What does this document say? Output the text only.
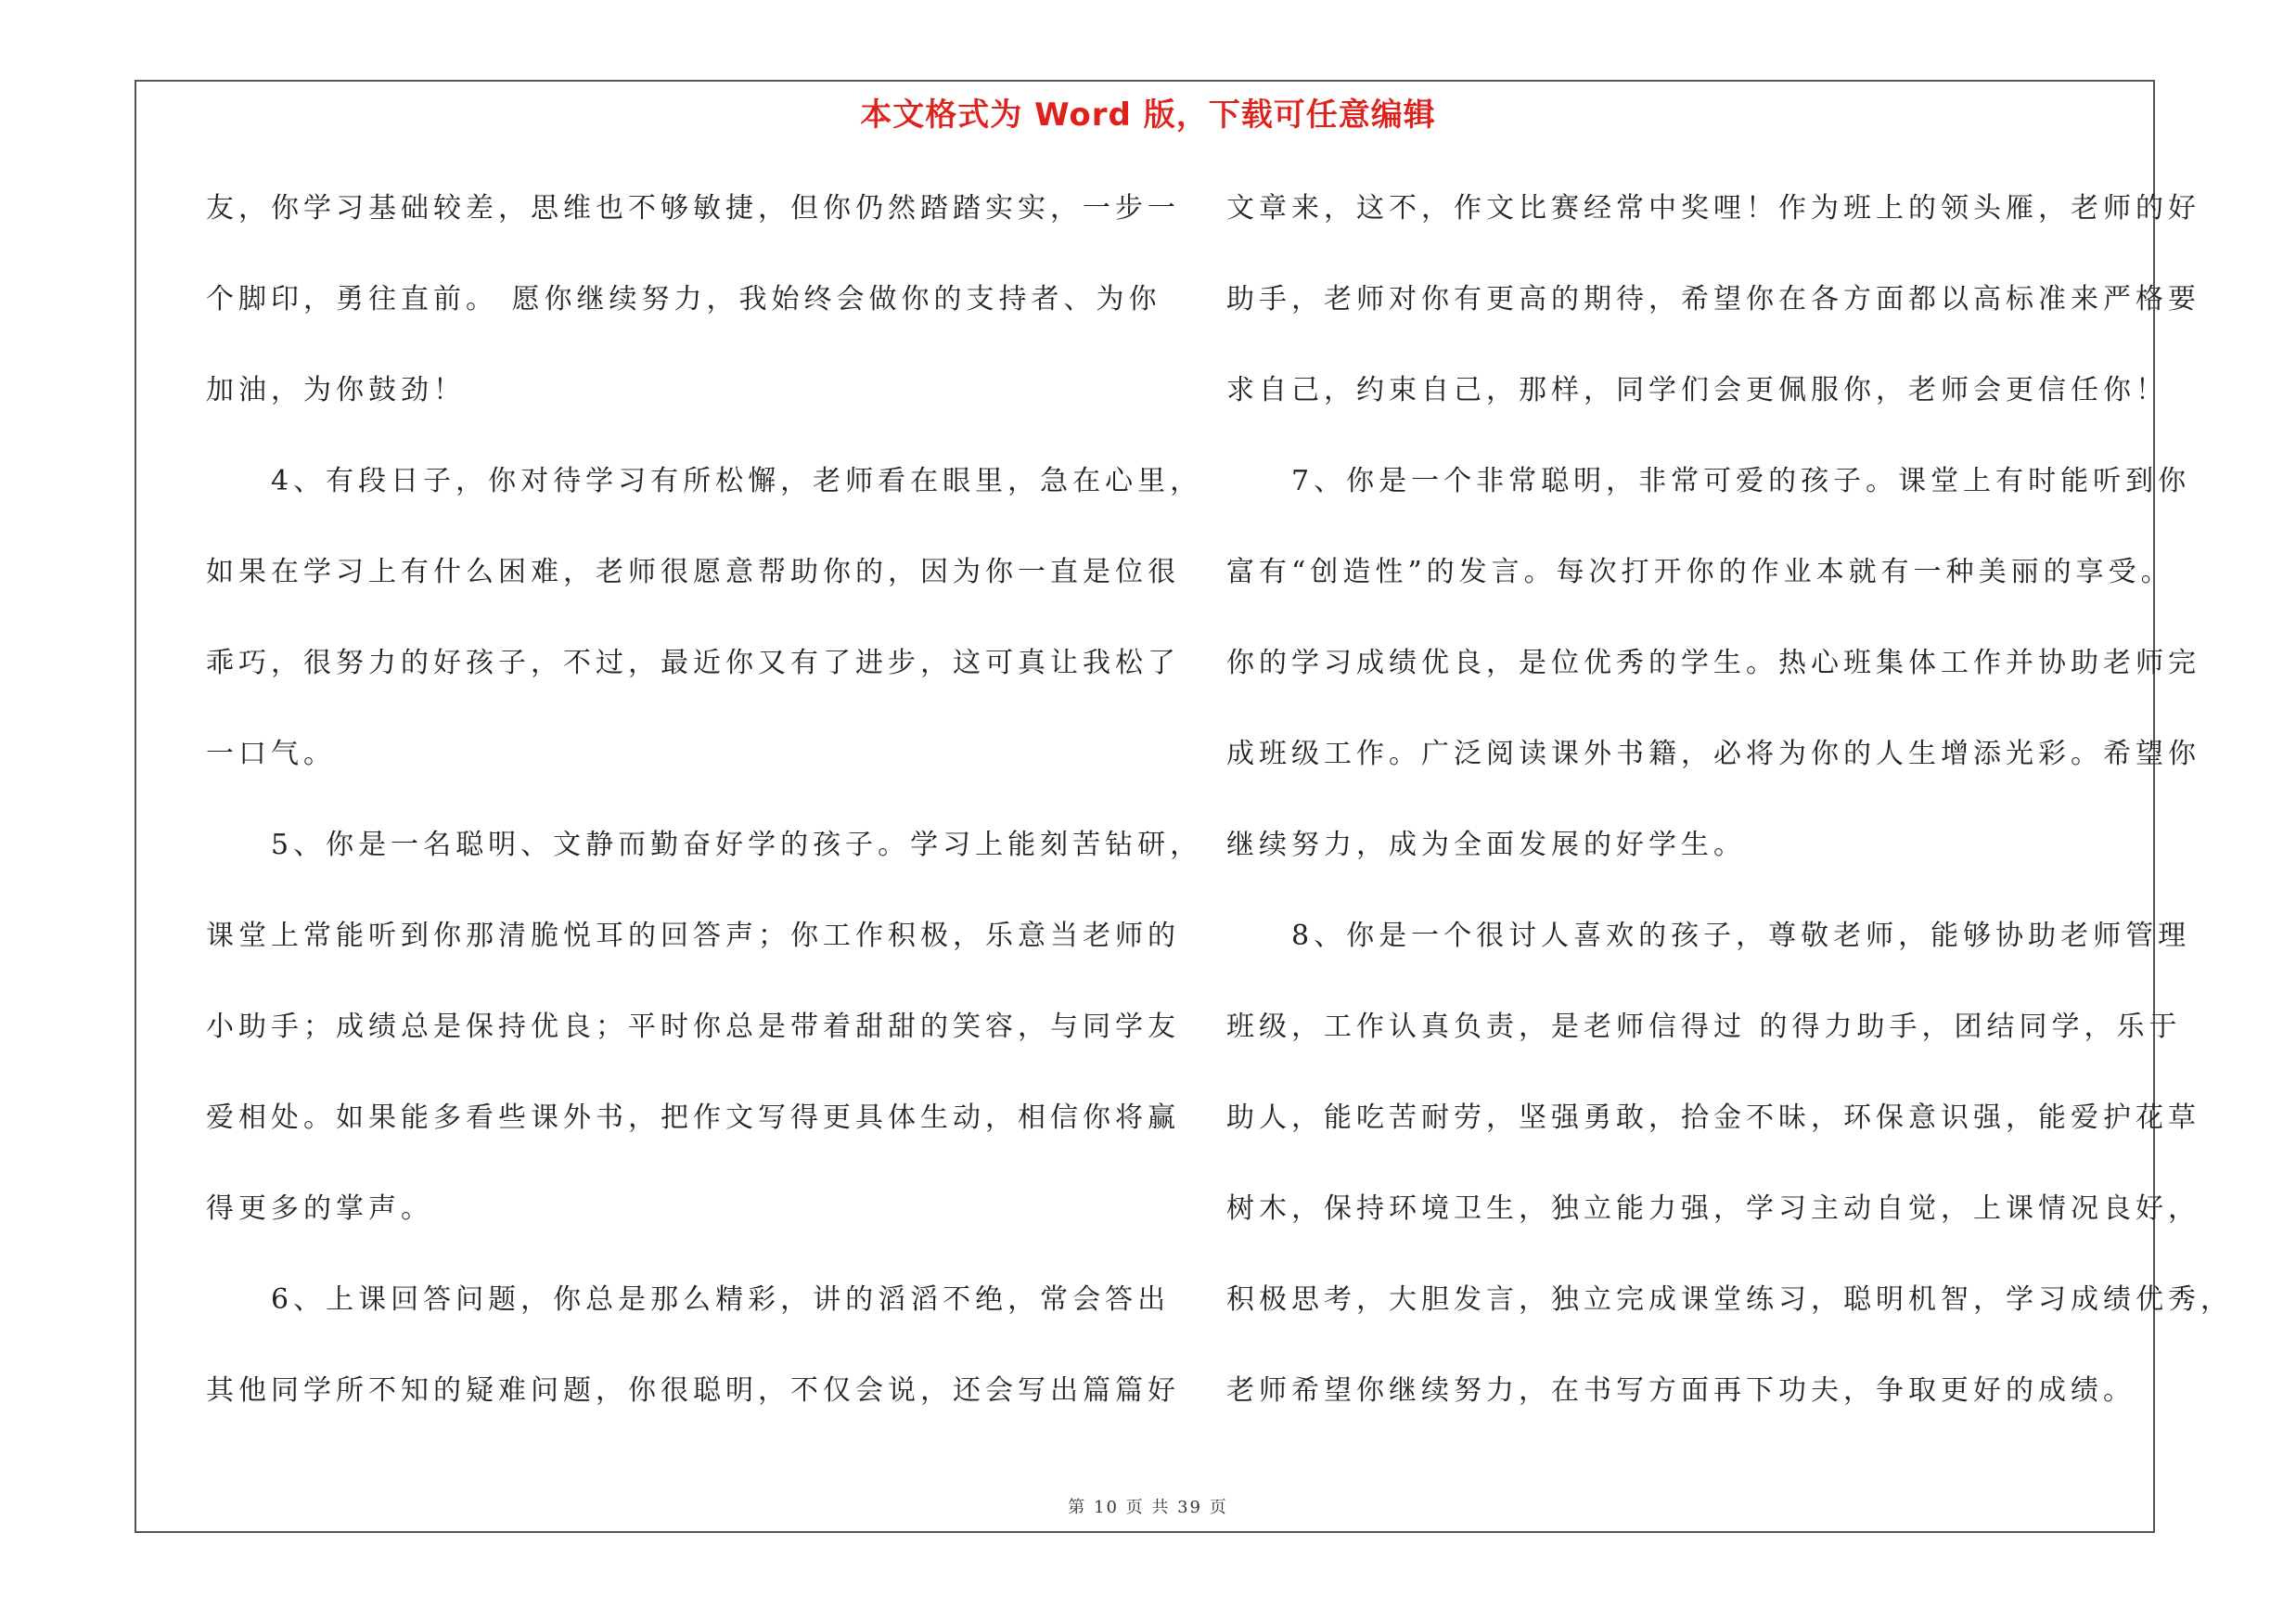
本文格式为 Word 版，下载可任意编辑
友，你学习基础较差，思维也不够敏捷，但你仍然踏踏实实，一步一
个脚印，勇往直前。 愿你继续努力，我始终会做你的支持者、为你
加油，为你鼓劲！
　　4、有段日子，你对待学习有所松懈，老师看在眼里，急在心里，
如果在学习上有什么困难，老师很愿意帮助你的，因为你一直是位很
乖巧，很努力的好孩子，不过，最近你又有了进步，这可真让我松了
一口气。
　　5、你是一名聪明、文静而勤奋好学的孩子。学习上能刻苦钻研，
课堂上常能听到你那清脆悦耳的回答声；你工作积极，乐意当老师的
小助手；成绩总是保持优良；平时你总是带着甜甜的笑容，与同学友
爱相处。如果能多看些课外书，把作文写得更具体生动，相信你将赢
得更多的掌声。
　　6、上课回答问题，你总是那么精彩，讲的滔滔不绝，常会答出
其他同学所不知的疑难问题，你很聪明，不仅会说，还会写出篇篇好
文章来，这不，作文比赛经常中奖哩！作为班上的领头雁，老师的好
助手，老师对你有更高的期待，希望你在各方面都以高标准来严格要
求自己，约束自己，那样，同学们会更佩服你，老师会更信任你！
　　7、你是一个非常聪明，非常可爱的孩子。课堂上有时能听到你
富有“创造性”的发言。每次打开你的作业本就有一种美丽的享受。
你的学习成绩优良，是位优秀的学生。热心班集体工作并协助老师完
成班级工作。广泛阅读课外书籍，必将为你的人生增添光彩。希望你
继续努力，成为全面发展的好学生。
　　8、你是一个很讨人喜欢的孩子，尊敬老师，能够协助老师管理
班级，工作认真负责，是老师信得过 的得力助手，团结同学，乐于
助人，能吃苦耐劳，坚强勇敢，拾金不昧，环保意识强，能爱护花草
树木，保持环境卫生，独立能力强，学习主动自觉，上课情况良好，
积极思考，大胆发言，独立完成课堂练习，聪明机智，学习成绩优秀，
老师希望你继续努力，在书写方面再下功夫，争取更好的成绩。
第 10 页 共 39 页
